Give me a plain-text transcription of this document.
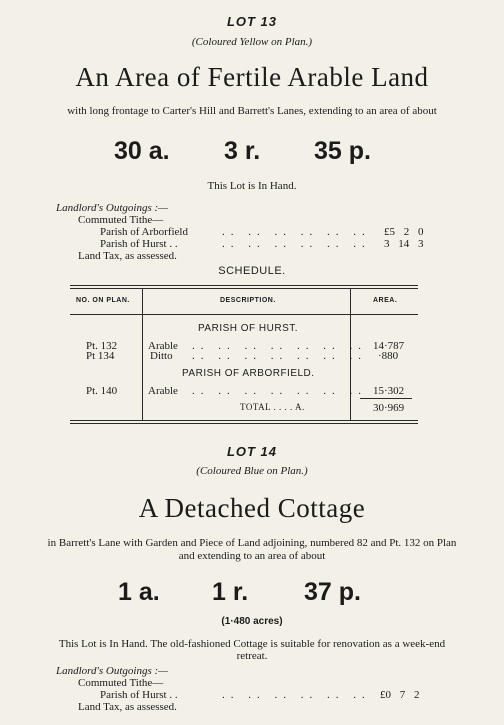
LOT 13
(Coloured Yellow on Plan.)
An Area of Fertile Arable Land
with long frontage to Carter's Hill and Barrett's Lanes, extending to an area of about
30 a. 3 r. 35 p.
This Lot is In Hand.
Landlord's Outgoings :—
Commuted Tithe—
Parish of Arborfield	.. .. .. .. .. .. £5 2 0
Parish of Hurst . .	.. .. .. .. .. .. 3 14 3
Land Tax, as assessed.
SCHEDULE.
NO. ON PLAN.	DESCRIPTION.	AREA.
PARISH OF HURST.
Pt. 132	Arable .. .. .. .. .. .. .. 14·787
Pt 134	Ditto .. .. .. .. .. .. .. ·880
PARISH OF ARBORFIELD.
Pt. 140	Arable .. .. .. .. .. .. .. 15·302
TOTAL . . . . A.	30·969
LOT 14
(Coloured Blue on Plan.)
A Detached Cottage
in Barrett's Lane with Garden and Piece of Land adjoining, numbered 82 and Pt. 132 on Plan
and extending to an area of about
1 a. 1 r. 37 p.
(1·480 acres)
This Lot is In Hand. The old-fashioned Cottage is suitable for renovation as a week-end
retreat.
Landlord's Outgoings :—
Commuted Tithe—
Parish of Hurst . .	.. .. .. .. .. .. £0 7 2
Land Tax, as assessed.
